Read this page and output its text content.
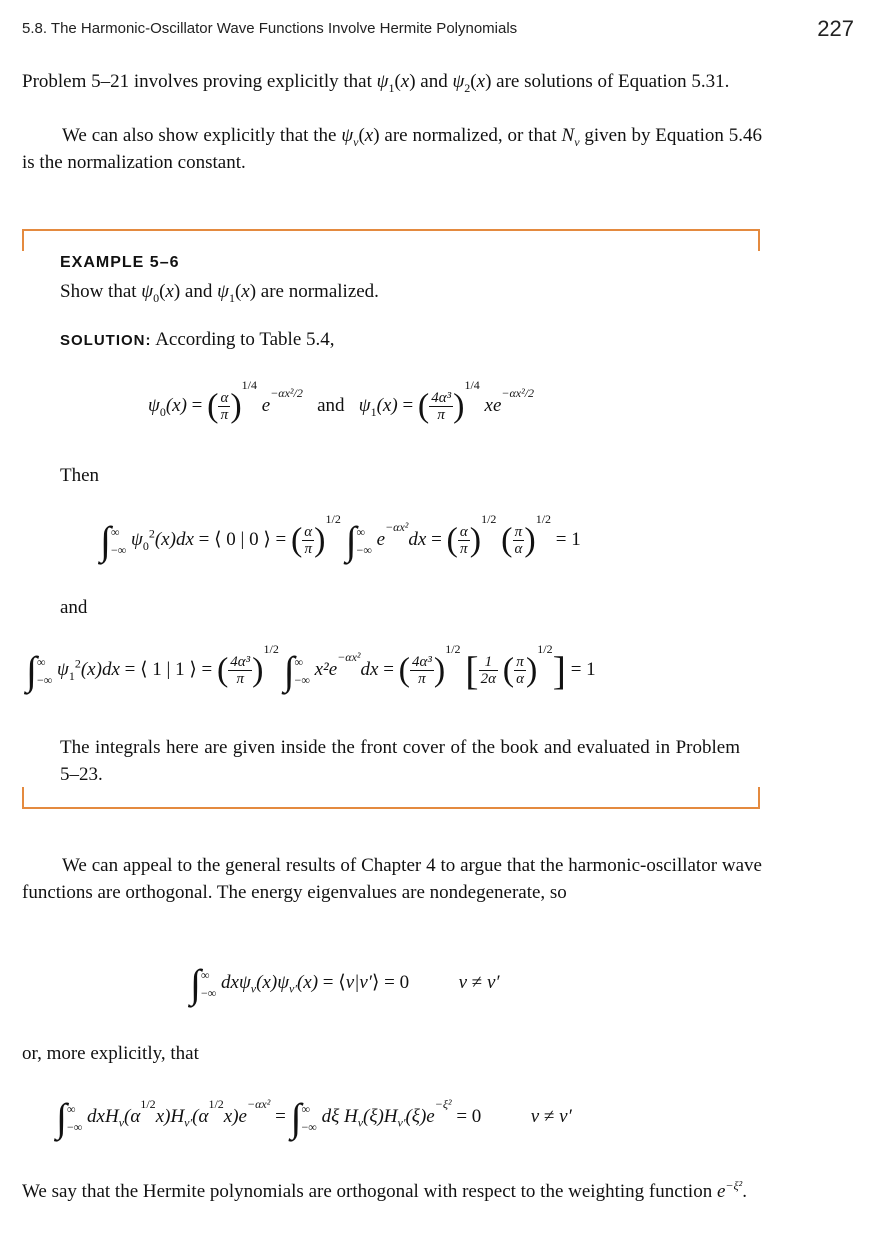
5.8. The Harmonic-Oscillator Wave Functions Involve Hermite Polynomials	227

Problem 5–21 involves proving explicitly that $\psi_1(x)$ and $\psi_2(x)$ are solutions of Equation 5.31.

We can also show explicitly that the $\psi_v(x)$ are normalized, or that $N_v$ given by Equation 5.46 is the normalization constant.

EXAMPLE 5–6

Show that $\psi_0(x)$ and $\psi_1(x)$ are normalized.

SOLUTION: According to Table 5.4,

$\psi_0(x)$ = ( $\frac{\alpha}{\pi} )^{1/4}$ $e^{-\alpha x^2/2}$   and   $\psi_1(x)$ = ( $\frac{\text{4α³}}{\pi} )^{1/4}$ $xe^{-\alpha x^2/2}$

Then

∫ ∞
−∞ $\psi_0^2(x)dx$ = ⟨ 0 | 0 ⟩ = ( $\frac{\alpha}{\pi} )^{1/2}$ ∫ ∞
−∞ $e^{-\alpha x^2}dx$ = ( $\frac{\alpha}{\pi} )^{1/2}$ ( $\frac{\pi}{\alpha} )^{1/2} = 1$

and

∫ ∞
−∞ $\psi_1^2(x)dx$ = ⟨ 1 | 1 ⟩ = ( $\frac{\text{4α³}}{\pi} )^{1/2}$ ∫ ∞
−∞ $x^2e^{-\alpha x^2}dx$ = ( $\frac{\text{4α³}}{\pi} )^{1/2}$ [ $\frac{1}{2\alpha}$ ( $\frac{\pi}{\alpha} )^{1/2}] = 1$

The integrals here are given inside the front cover of the book and evaluated in Problem 5–23.

We can appeal to the general results of Chapter 4 to argue that the harmonic-oscillator wave functions are orthogonal. The energy eigenvalues are nondegenerate, so

∫ ∞
−∞ $dx\psi_v(x)\psi_{v'}(x)$ = ⟨v|v′⟩ = 0  v ≠ v′

or, more explicitly, that

∫ ∞
−∞ $dxH_v(\alpha^{1/2}x)H_{v'}(\alpha^{1/2}x)e^{-\alpha x^2}$ = ∫ ∞
−∞ dξ $H_v(\xi)H_{v'}(\xi)e^{-\xi^2} = 0$  v ≠ v′

We say that the Hermite polynomials are orthogonal with respect to the weighting function $e^{-\xi^2}$.
